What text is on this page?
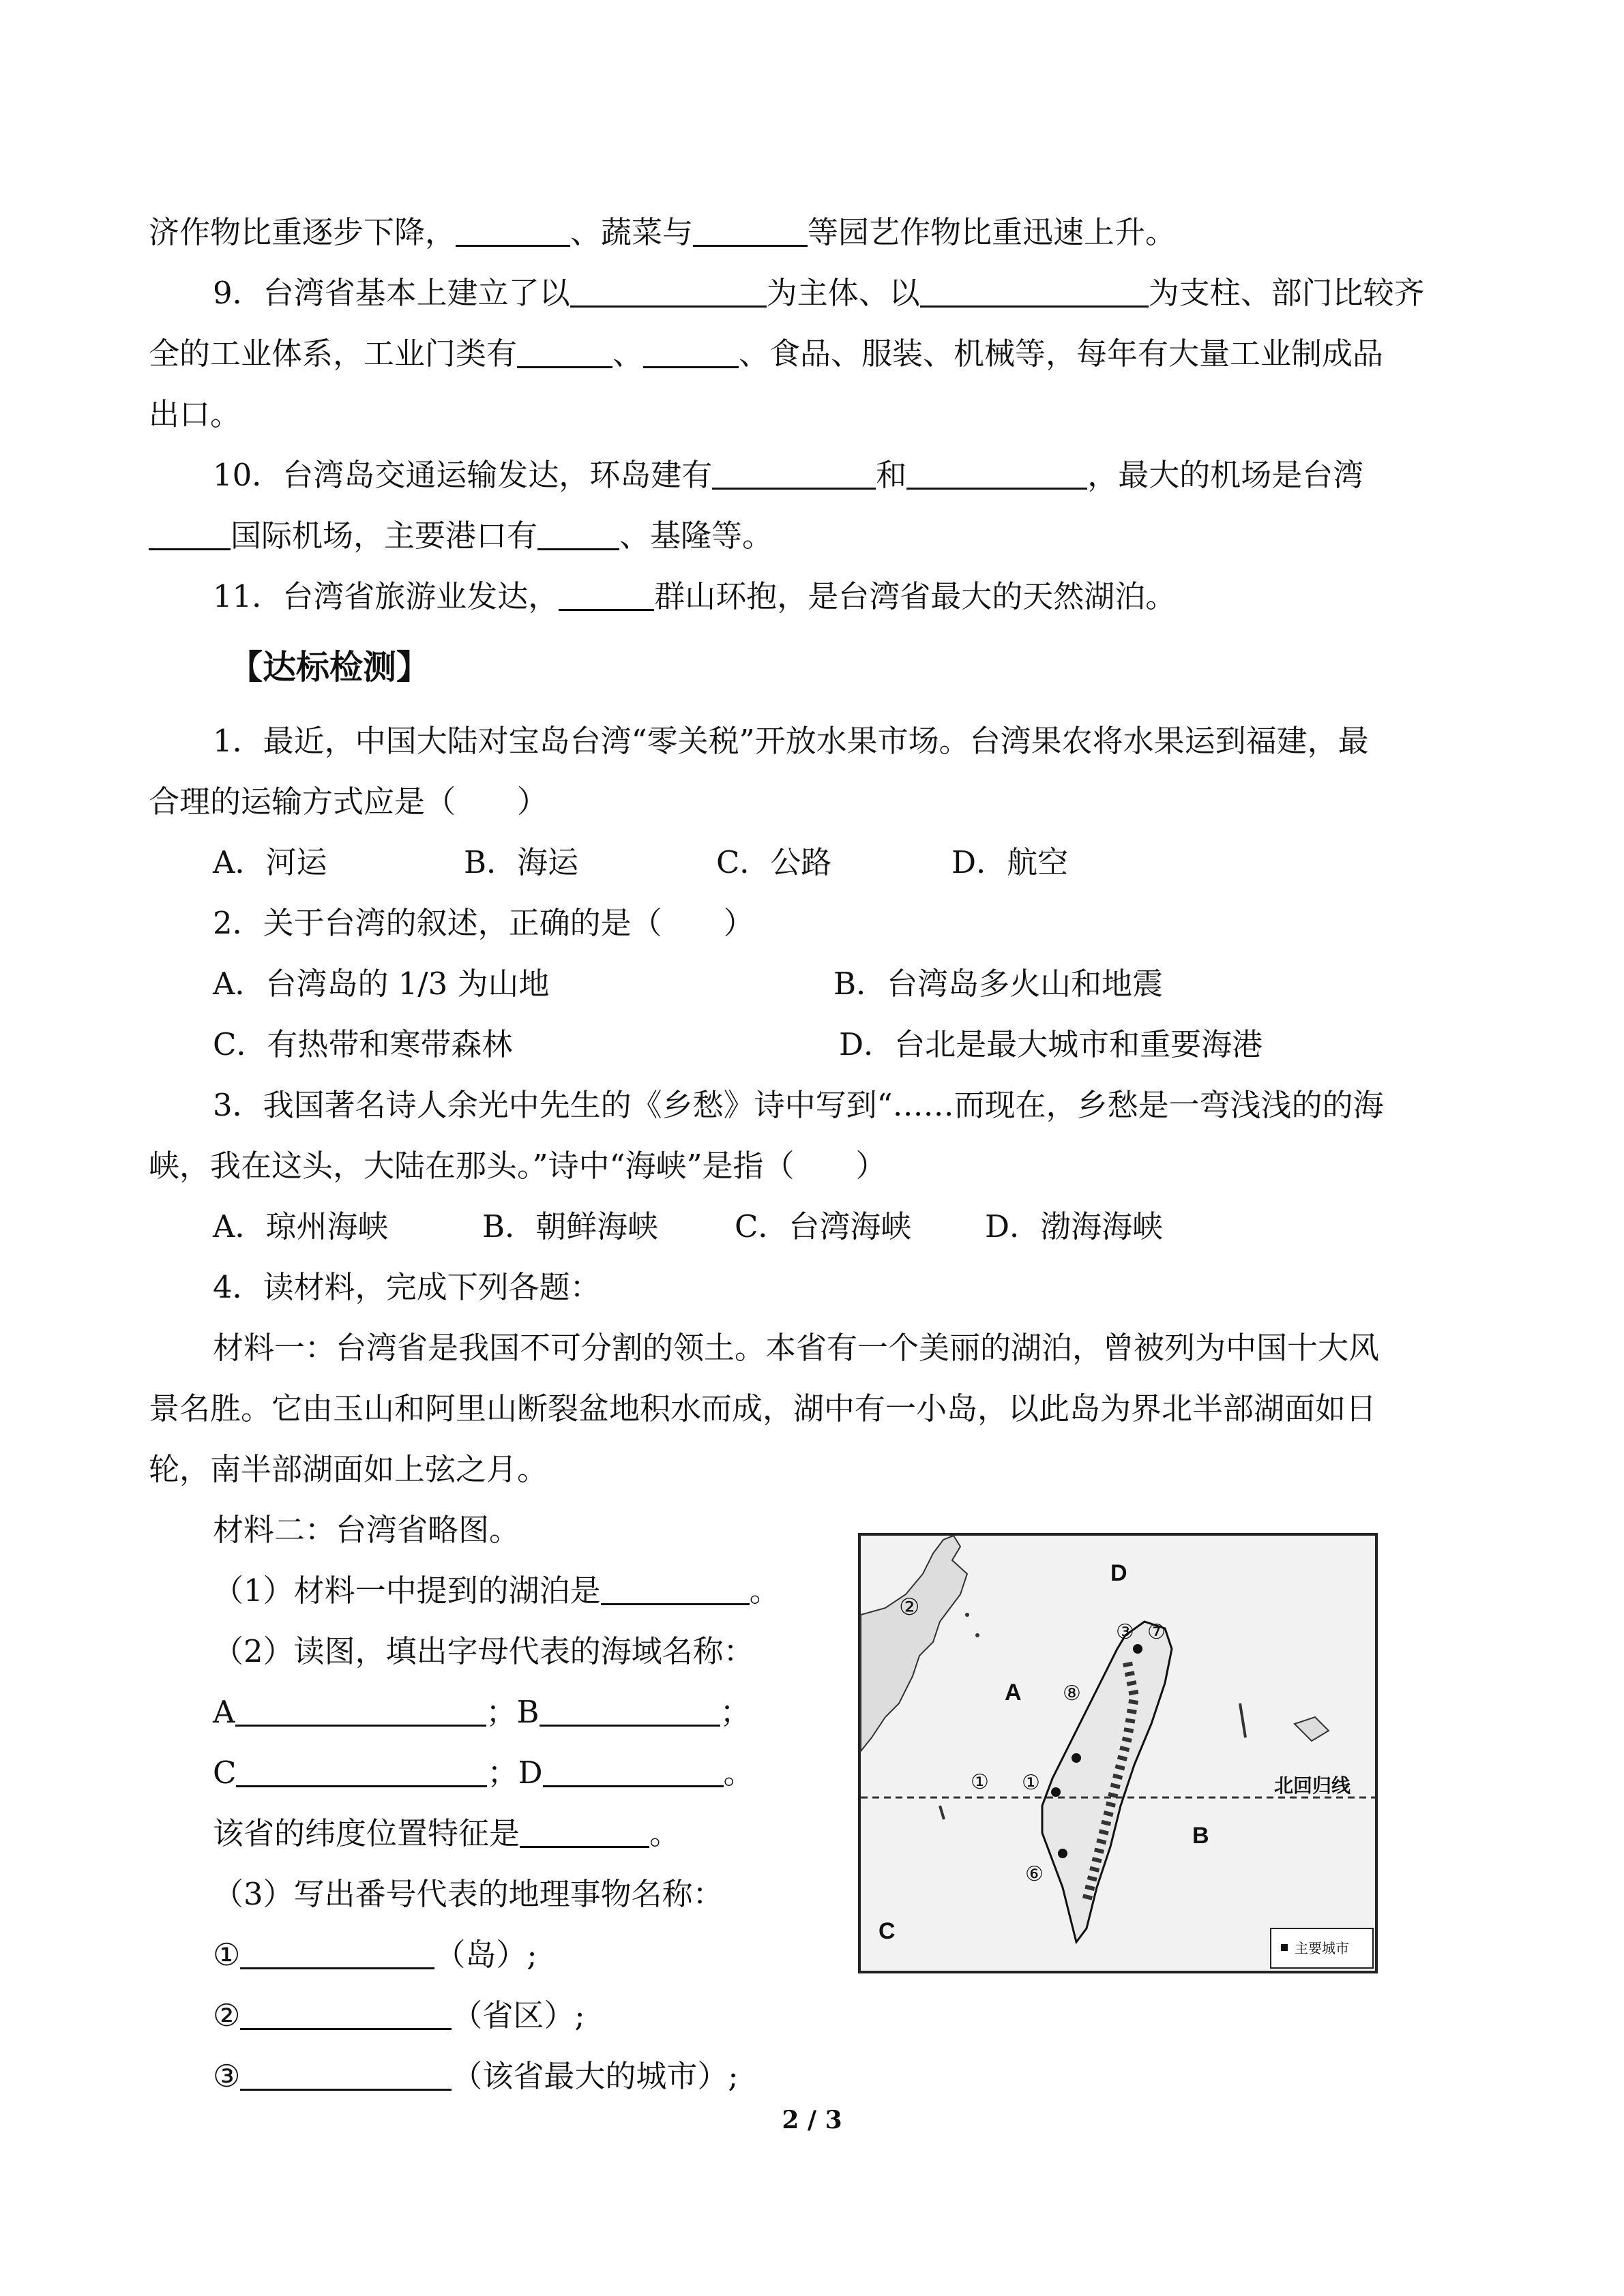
济作物比重逐步下降，	、蔬菜与	等园艺作物比重迅速上升。
9．台湾省基本上建立了以	为主体、以	为支柱、部门比较齐
全的工业体系，工业门类有	、	、食品、服装、机械等，每年有大量工业制成品
出口。
10．台湾岛交通运输发达，环岛建有	和	，最大的机场是台湾
国际机场，主要港口有	、基隆等。
11．台湾省旅游业发达，	群山环抱，是台湾省最大的天然湖泊。
【达标检测】
1．最近，中国大陆对宝岛台湾“零关税”开放水果市场。台湾果农将水果运到福建，最
合理的运输方式应是（　　）
A．河运	B．海运	C．公路	D．航空
2．关于台湾的叙述，正确的是（　　）
A．台湾岛的 1/3 为山地	B．台湾岛多火山和地震
C．有热带和寒带森林	D．台北是最大城市和重要海港
3．我国著名诗人余光中先生的《乡愁》诗中写到“……而现在，乡愁是一弯浅浅的的海
峡，我在这头，大陆在那头。”诗中“海峡”是指（　　）
A．琼州海峡	B．朝鲜海峡 C．台湾海峡 D．渤海海峡
4．读材料，完成下列各题：
材料一：台湾省是我国不可分割的领土。本省有一个美丽的湖泊，曾被列为中国十大风
景名胜。它由玉山和阿里山断裂盆地积水而成，湖中有一小岛，以此岛为界北半部湖面如日
轮，南半部湖面如上弦之月。
材料二：台湾省略图。
（1）材料一中提到的湖泊是	。
（2）读图，填出字母代表的海域名称：
A	；B	；
C	；D	。
该省的纬度位置特征是	。
（3）写出番号代表的地理事物名称：
①	（岛）;
②	（省区）;
③	（该省最大的城市）;
北回归线
D
A
B
C
②
③ ⑦
⑧
① ①
⑥
主要城市
2 / 3
